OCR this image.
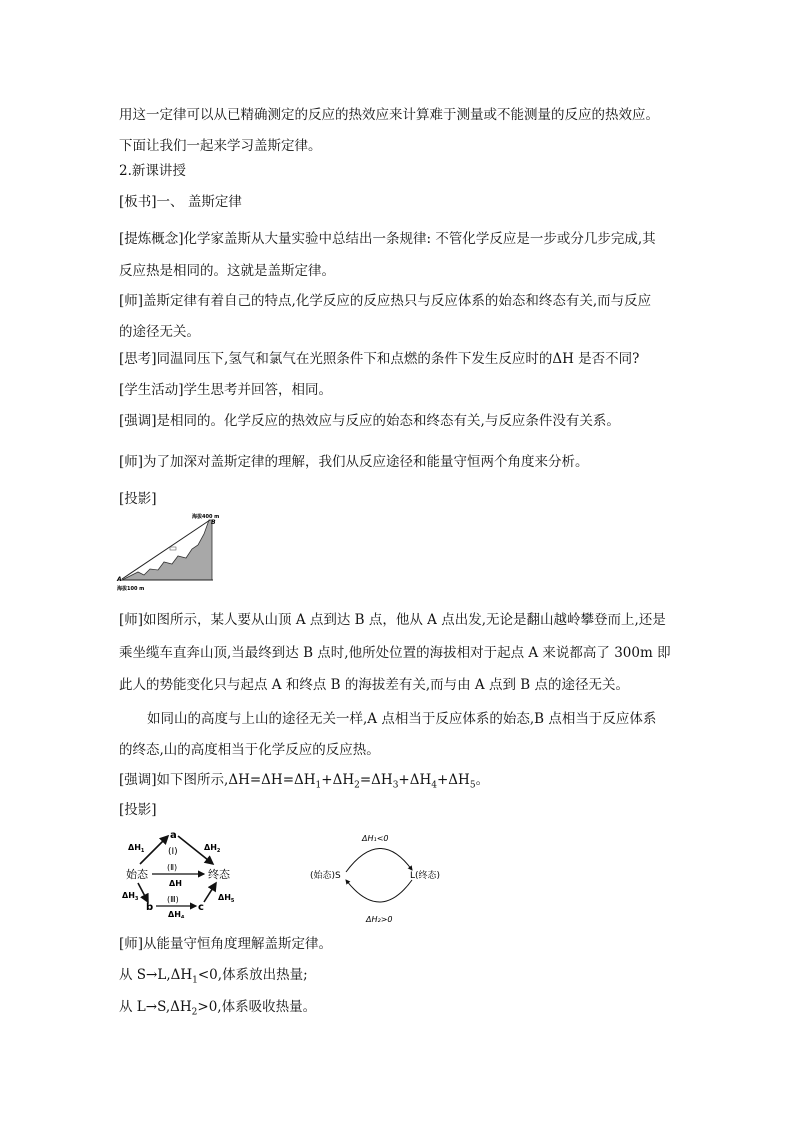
用这一定律可以从已精确测定的反应的热效应来计算难于测量或不能测量的反应的热效应。
下面让我们一起来学习盖斯定律。
2.新课讲授
[板书]一、 盖斯定律
[提炼概念]化学家盖斯从大量实验中总结出一条规律: 不管化学反应是一步或分几步完成,其
反应热是相同的。这就是盖斯定律。
[师]盖斯定律有着自己的特点,化学反应的反应热只与反应体系的始态和终态有关,而与反应
的途径无关。
[思考]同温同压下,氢气和氯气在光照条件下和点燃的条件下发生反应时的ΔH 是否不同?
[学生活动]学生思考并回答，相同。
[强调]是相同的。化学反应的热效应与反应的始态和终态有关,与反应条件没有关系。
[师]为了加深对盖斯定律的理解，我们从反应途径和能量守恒两个角度来分析。
[投影]
海拔400 m
B
A
海拔100 m
[师]如图所示，某人要从山顶 A 点到达 B 点，他从 A 点出发,无论是翻山越岭攀登而上,还是
乘坐缆车直奔山顶,当最终到达 B 点时,他所处位置的海拔相对于起点 A 来说都高了 300m 即
此人的势能变化只与起点 A 和终点 B 的海拔差有关,而与由 A 点到 B 点的途径无关。
如同山的高度与上山的途径无关一样,A 点相当于反应体系的始态,B 点相当于反应体系
的终态,山的高度相当于化学反应的反应热。
[强调]如下图所示$,\Delta H=\Delta H=\Delta H_1+\Delta H_2=\Delta H_3+\Delta H_4+\Delta H_5$。
[投影]
a
始态	终态
b	c
$\Delta H_1$	$\Delta H_2$
(Ⅰ)
(Ⅱ)
ΔH
$\Delta H_3$	(Ⅲ)
$\Delta H_4$
$\Delta H_5$
ΔH₁<0
(始态)S	L(终态)
ΔH₂>0
[师]从能量守恒角度理解盖斯定律。
从 $S\to L,\Delta H_1<0$,体系放出热量;
从 $L\to S,\Delta H_2>0$,体系吸收热量。
